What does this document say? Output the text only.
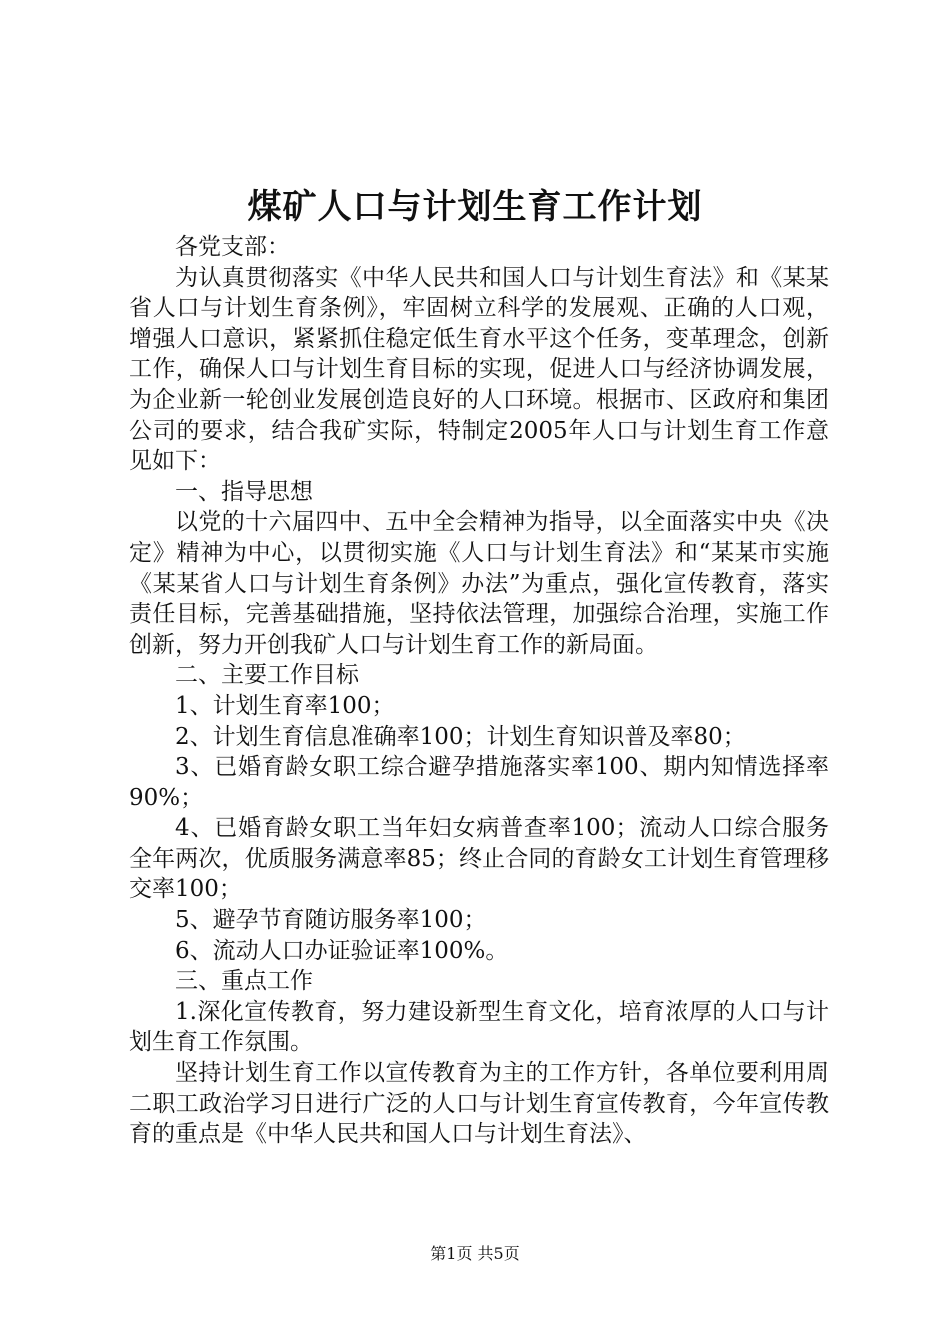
煤矿人口与计划生育工作计划

各党支部：

为认真贯彻落实《中华人民共和国人口与计划生育法》和《某某省人口与计划生育条例》，牢固树立科学的发展观、正确的人口观，增强人口意识，紧紧抓住稳定低生育水平这个任务，变革理念，创新工作，确保人口与计划生育目标的实现，促进人口与经济协调发展，为企业新一轮创业发展创造良好的人口环境。根据市、区政府和集团公司的要求，结合我矿实际，特制定2005年人口与计划生育工作意见如下：

一、指导思想

以党的十六届四中、五中全会精神为指导，以全面落实中央《决定》精神为中心，以贯彻实施《人口与计划生育法》和“某某市实施《某某省人口与计划生育条例》办法”为重点，强化宣传教育，落实责任目标，完善基础措施，坚持依法管理，加强综合治理，实施工作创新，努力开创我矿人口与计划生育工作的新局面。

二、主要工作目标

1、计划生育率100；

2、计划生育信息准确率100；计划生育知识普及率80；

3、已婚育龄女职工综合避孕措施落实率100、期内知情选择率90%；

4、已婚育龄女职工当年妇女病普查率100；流动人口综合服务全年两次，优质服务满意率85；终止合同的育龄女工计划生育管理移交率100；

5、避孕节育随访服务率100；

6、流动人口办证验证率100%。

三、重点工作

1.深化宣传教育，努力建设新型生育文化，培育浓厚的人口与计划生育工作氛围。

坚持计划生育工作以宣传教育为主的工作方针，各单位要利用周二职工政治学习日进行广泛的人口与计划生育宣传教育，今年宣传教育的重点是《中华人民共和国人口与计划生育法》、

第1页 共5页
